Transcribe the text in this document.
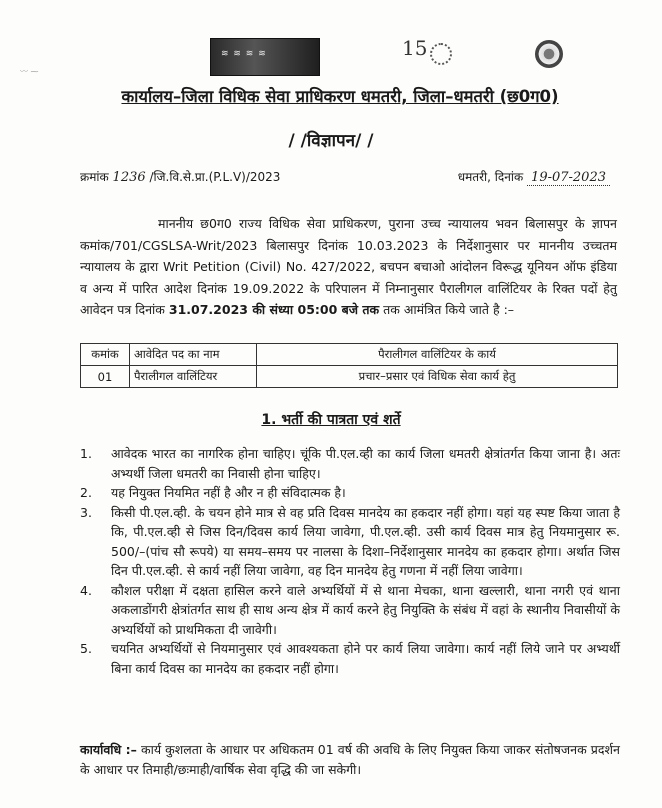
〰 ⁓
≋ ≋ ≋ ≋	15
कार्यालय–जिला विधिक सेवा प्राधिकरण धमतरी, जिला–धमतरी (छ0ग0)
/ /विज्ञापन/ /
क्रमांक 1236 /जि.वि.से.प्रा.(P.L.V)/2023	धमतरी, दिनांक 19-07-2023

माननीय छ0ग0 राज्य विधिक सेवा प्राधिकरण, पुराना उच्च न्यायालय भवन बिलासपुर के ज्ञापन कमांक/701/CGSLSA-Writ/2023 बिलासपुर दिनांक 10.03.2023 के निर्देशानुसार पर माननीय उच्चतम न्यायालय के द्वारा Writ Petition (Civil) No. 427/2022, बचपन बचाओ आंदोलन विरूद्ध यूनियन ऑफ इंडिया व अन्य में पारित आदेश दिनांक 19.09.2022 के परिपालन में निम्नानुसार पैरालीगल वालिंटियर के रिक्त पदों हेतु आवेदन पत्र दिनांक 31.07.2023 की संध्या 05:00 बजे तक तक आमंत्रित किये जाते है :–

कमांक	आवेदित पद का नाम	पैरालीगल वालिंटियर के कार्य
01	पैरालीगल वालिंटियर	प्रचार–प्रसार एवं विधिक सेवा कार्य हेतु
1. भर्ती की पात्रता एवं शर्ते
1.	आवेदक भारत का नागरिक होना चाहिए। चूंकि पी.एल.व्ही का कार्य जिला धमतरी क्षेत्रांतर्गत किया जाना है। अतः अभ्यर्थी जिला धमतरी का निवासी होना चाहिए।
2.	यह नियुक्त नियमित नहीं है और न ही संविदात्मक है।
3.	किसी पी.एल.व्ही. के चयन होने मात्र से वह प्रति दिवस मानदेय का हकदार नहीं होगा। यहां यह स्पष्ट किया जाता है कि, पी.एल.व्ही से जिस दिन/दिवस कार्य लिया जावेगा, पी.एल.व्ही. उसी कार्य दिवस मात्र हेतु नियमानुसार रू. 500/–(पांच सौ रूपये) या समय–समय पर नालसा के दिशा–निर्देशानुसार मानदेय का हकदार होगा। अर्थात जिस दिन पी.एल.व्ही. से कार्य नहीं लिया जावेगा, वह दिन मानदेय हेतु गणना में नहीं लिया जावेगा।
4.	कौशल परीक्षा में दक्षता हासिल करने वाले अभ्यर्थियों में से थाना मेचका, थाना खल्लारी, थाना नगरी एवं थाना अकलाडोंगरी क्षेत्रांतर्गत साथ ही साथ अन्य क्षेत्र में कार्य करने हेतु नियुक्ति के संबंध में वहां के स्थानीय निवासीयों के अभ्यर्थियों को प्राथमिकता दी जावेगी।
5.	चयनित अभ्यर्थियों से नियमानुसार एवं आवश्यकता होने पर कार्य लिया जावेगा। कार्य नहीं लिये जाने पर अभ्यर्थी बिना कार्य दिवस का मानदेय का हकदार नहीं होगा।
कार्यावधि :– कार्य कुशलता के आधार पर अधिकतम 01 वर्ष की अवधि के लिए नियुक्त किया जाकर संतोषजनक प्रदर्शन के आधार पर तिमाही/छःमाही/वार्षिक सेवा वृद्धि की जा सकेगी।
